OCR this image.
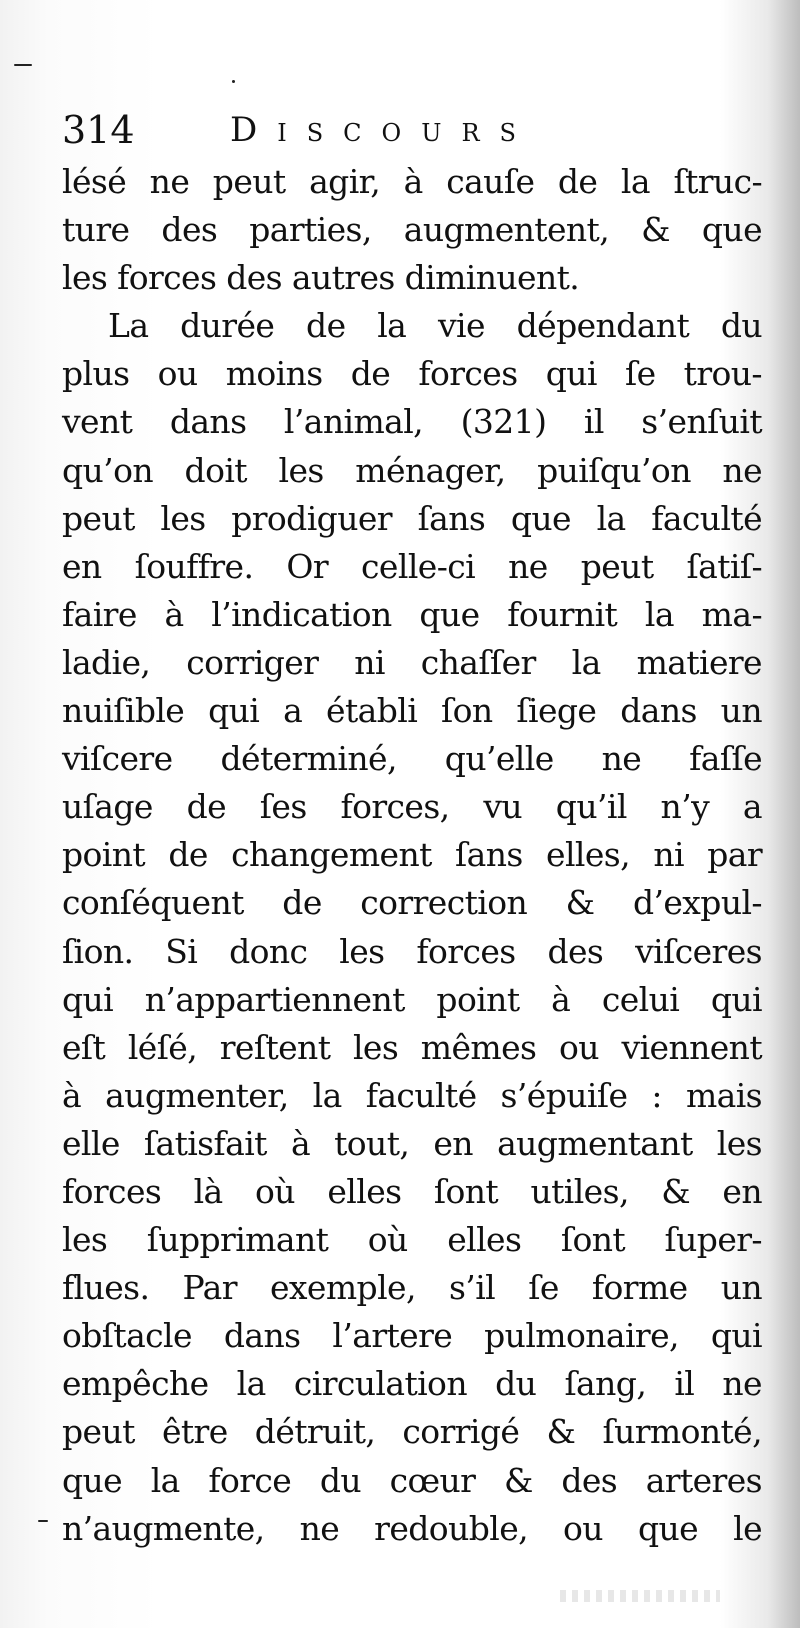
314	Discours
lésé ne peut agir, à cauſe de la ſtruc-
ture des parties, augmentent, & que
les forces des autres diminuent.
La durée de la vie dépendant du
plus ou moins de forces qui ſe trou-
vent dans l’animal, (321) il s’enſuit
qu’on doit les ménager, puiſqu’on ne
peut les prodiguer ſans que la faculté
en ſouffre. Or celle-ci ne peut ſatiſ-
faire à l’indication que fournit la ma-
ladie, corriger ni chaſſer la matiere
nuiſible qui a établi ſon ſiege dans un
viſcere déterminé, qu’elle ne faſſe
uſage de ſes forces, vu qu’il n’y a
point de changement ſans elles, ni par
conſéquent de correction & d’expul-
ſion. Si donc les forces des viſceres
qui n’appartiennent point à celui qui
eſt léſé, reſtent les mêmes ou viennent
à augmenter, la faculté s’épuiſe : mais
elle ſatisfait à tout, en augmentant les
forces là où elles ſont utiles, & en
les ſupprimant où elles ſont ſuper-
flues. Par exemple, s’il ſe forme un
obſtacle dans l’artere pulmonaire, qui
empêche la circulation du ſang, il ne
peut être détruit, corrigé & ſurmonté,
que la force du cœur & des arteres
n’augmente, ne redouble, ou que le
